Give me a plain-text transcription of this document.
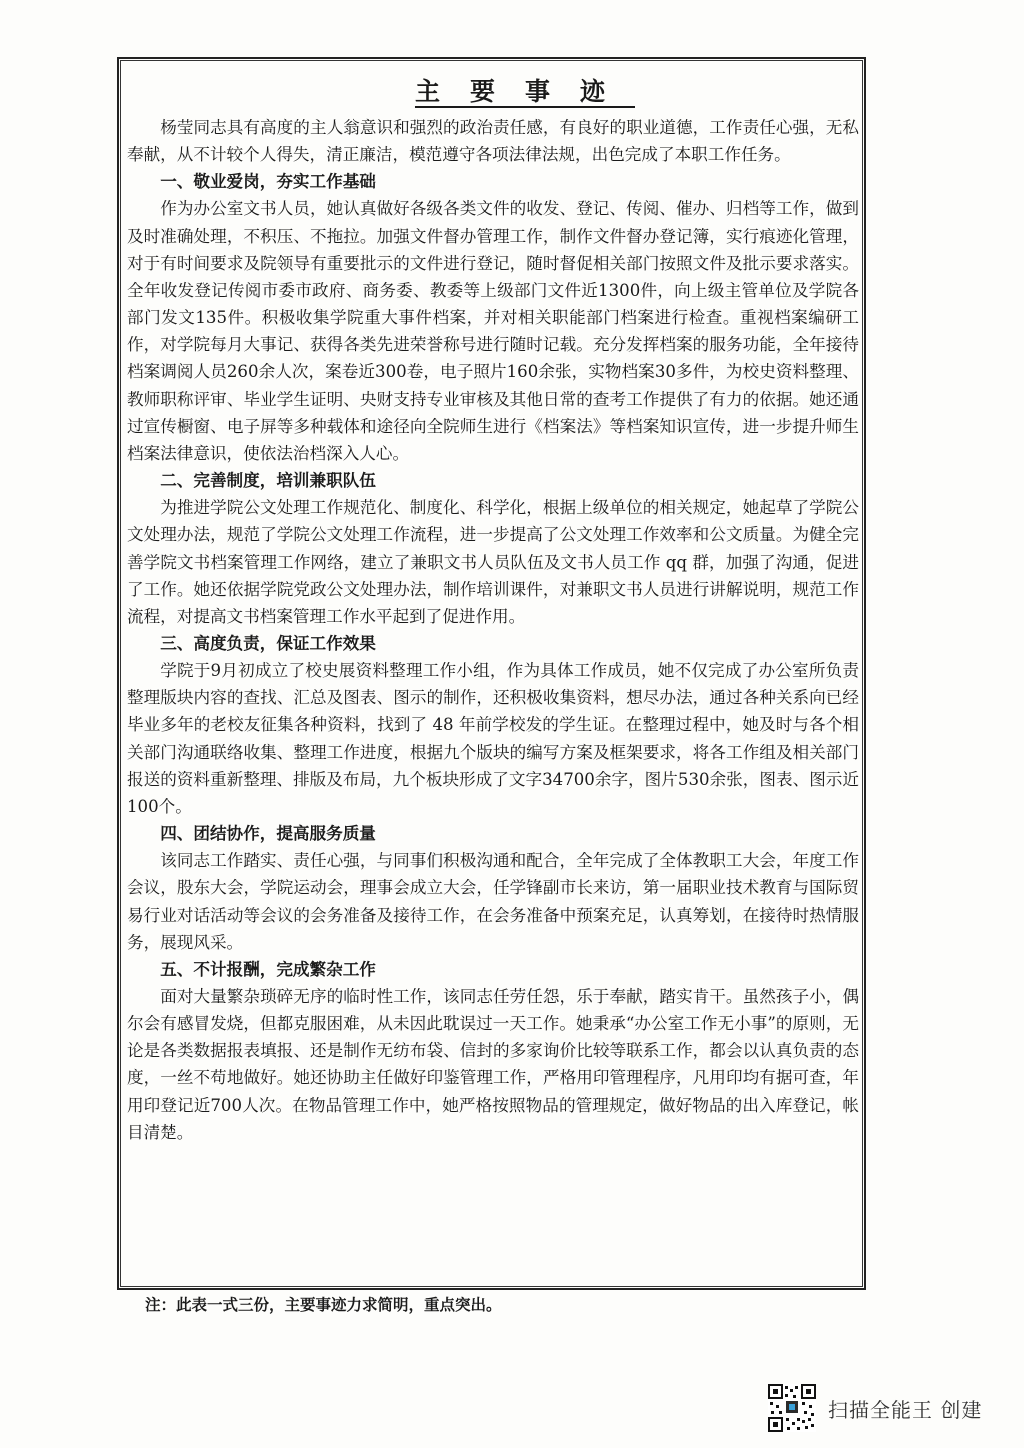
主要事迹

杨莹同志具有高度的主人翁意识和强烈的政治责任感，有良好的职业道德，工作责任心强，无私奉献，从不计较个人得失，清正廉洁，模范遵守各项法律法规，出色完成了本职工作任务。

一、敬业爱岗，夯实工作基础

作为办公室文书人员，她认真做好各级各类文件的收发、登记、传阅、催办、归档等工作，做到及时准确处理，不积压、不拖拉。加强文件督办管理工作，制作文件督办登记簿，实行痕迹化管理，对于有时间要求及院领导有重要批示的文件进行登记，随时督促相关部门按照文件及批示要求落实。全年收发登记传阅市委市政府、商务委、教委等上级部门文件近1300件，向上级主管单位及学院各部门发文135件。积极收集学院重大事件档案，并对相关职能部门档案进行检查。重视档案编研工作，对学院每月大事记、获得各类先进荣誉称号进行随时记载。充分发挥档案的服务功能，全年接待档案调阅人员260余人次，案卷近300卷，电子照片160余张，实物档案30多件，为校史资料整理、教师职称评审、毕业学生证明、央财支持专业审核及其他日常的查考工作提供了有力的依据。她还通过宣传橱窗、电子屏等多种载体和途径向全院师生进行《档案法》等档案知识宣传，进一步提升师生档案法律意识，使依法治档深入人心。

二、完善制度，培训兼职队伍

为推进学院公文处理工作规范化、制度化、科学化，根据上级单位的相关规定，她起草了学院公文处理办法，规范了学院公文处理工作流程，进一步提高了公文处理工作效率和公文质量。为健全完善学院文书档案管理工作网络，建立了兼职文书人员队伍及文书人员工作 qq 群，加强了沟通，促进了工作。她还依据学院党政公文处理办法，制作培训课件，对兼职文书人员进行讲解说明，规范工作流程，对提高文书档案管理工作水平起到了促进作用。

三、高度负责，保证工作效果

学院于9月初成立了校史展资料整理工作小组，作为具体工作成员，她不仅完成了办公室所负责整理版块内容的查找、汇总及图表、图示的制作，还积极收集资料，想尽办法，通过各种关系向已经毕业多年的老校友征集各种资料，找到了 48 年前学校发的学生证。在整理过程中，她及时与各个相关部门沟通联络收集、整理工作进度，根据九个版块的编写方案及框架要求，将各工作组及相关部门报送的资料重新整理、排版及布局，九个板块形成了文字34700余字，图片530余张，图表、图示近100个。

四、团结协作，提高服务质量

该同志工作踏实、责任心强，与同事们积极沟通和配合，全年完成了全体教职工大会，年度工作会议，股东大会，学院运动会，理事会成立大会，任学锋副市长来访，第一届职业技术教育与国际贸易行业对话活动等会议的会务准备及接待工作，在会务准备中预案充足，认真筹划，在接待时热情服务，展现风采。

五、不计报酬，完成繁杂工作

面对大量繁杂琐碎无序的临时性工作，该同志任劳任怨，乐于奉献，踏实肯干。虽然孩子小，偶尔会有感冒发烧，但都克服困难，从未因此耽误过一天工作。她秉承“办公室工作无小事”的原则，无论是各类数据报表填报、还是制作无纺布袋、信封的多家询价比较等联系工作，都会以认真负责的态度，一丝不苟地做好。她还协助主任做好印鉴管理工作，严格用印管理程序，凡用印均有据可查，年用印登记近700人次。在物品管理工作中，她严格按照物品的管理规定，做好物品的出入库登记，帐目清楚。

注：此表一式三份，主要事迹力求简明，重点突出。
扫描全能王 创建
